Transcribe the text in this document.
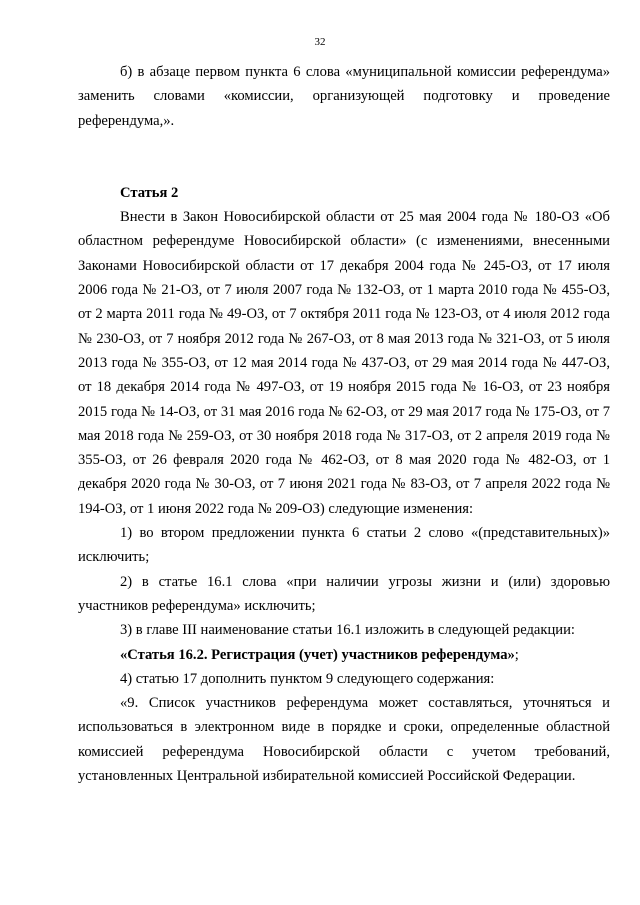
32

б) в абзаце первом пункта 6 слова «муниципальной комиссии референдума» заменить словами «комиссии, организующей подготовку и проведение референдума,».

Статья 2

Внести в Закон Новосибирской области от 25 мая 2004 года № 180-ОЗ «Об областном референдуме Новосибирской области» (с изменениями, внесенными Законами Новосибирской области от 17 декабря 2004 года № 245-ОЗ, от 17 июля 2006 года № 21-ОЗ, от 7 июля 2007 года № 132-ОЗ, от 1 марта 2010 года № 455-ОЗ, от 2 марта 2011 года № 49-ОЗ, от 7 октября 2011 года № 123-ОЗ, от 4 июля 2012 года № 230-ОЗ, от 7 ноября 2012 года № 267-ОЗ, от 8 мая 2013 года № 321-ОЗ, от 5 июля 2013 года № 355-ОЗ, от 12 мая 2014 года № 437-ОЗ, от 29 мая 2014 года № 447-ОЗ, от 18 декабря 2014 года № 497-ОЗ, от 19 ноября 2015 года № 16-ОЗ, от 23 ноября 2015 года № 14-ОЗ, от 31 мая 2016 года № 62-ОЗ, от 29 мая 2017 года № 175-ОЗ, от 7 мая 2018 года № 259-ОЗ, от 30 ноября 2018 года № 317-ОЗ, от 2 апреля 2019 года № 355-ОЗ, от 26 февраля 2020 года № 462-ОЗ, от 8 мая 2020 года № 482-ОЗ, от 1 декабря 2020 года № 30-ОЗ, от 7 июня 2021 года № 83-ОЗ, от 7 апреля 2022 года № 194-ОЗ, от 1 июня 2022 года № 209-ОЗ) следующие изменения:

1) во втором предложении пункта 6 статьи 2 слово «(представительных)» исключить;

2) в статье 16.1 слова «при наличии угрозы жизни и (или) здоровью участников референдума» исключить;

3) в главе III наименование статьи 16.1 изложить в следующей редакции:

«Статья 16.2. Регистрация (учет) участников референдума»;

4) статью 17 дополнить пунктом 9 следующего содержания:

«9. Список участников референдума может составляться, уточняться и использоваться в электронном виде в порядке и сроки, определенные областной комиссией референдума Новосибирской области с учетом требований, установленных Центральной избирательной комиссией Российской Федерации.
